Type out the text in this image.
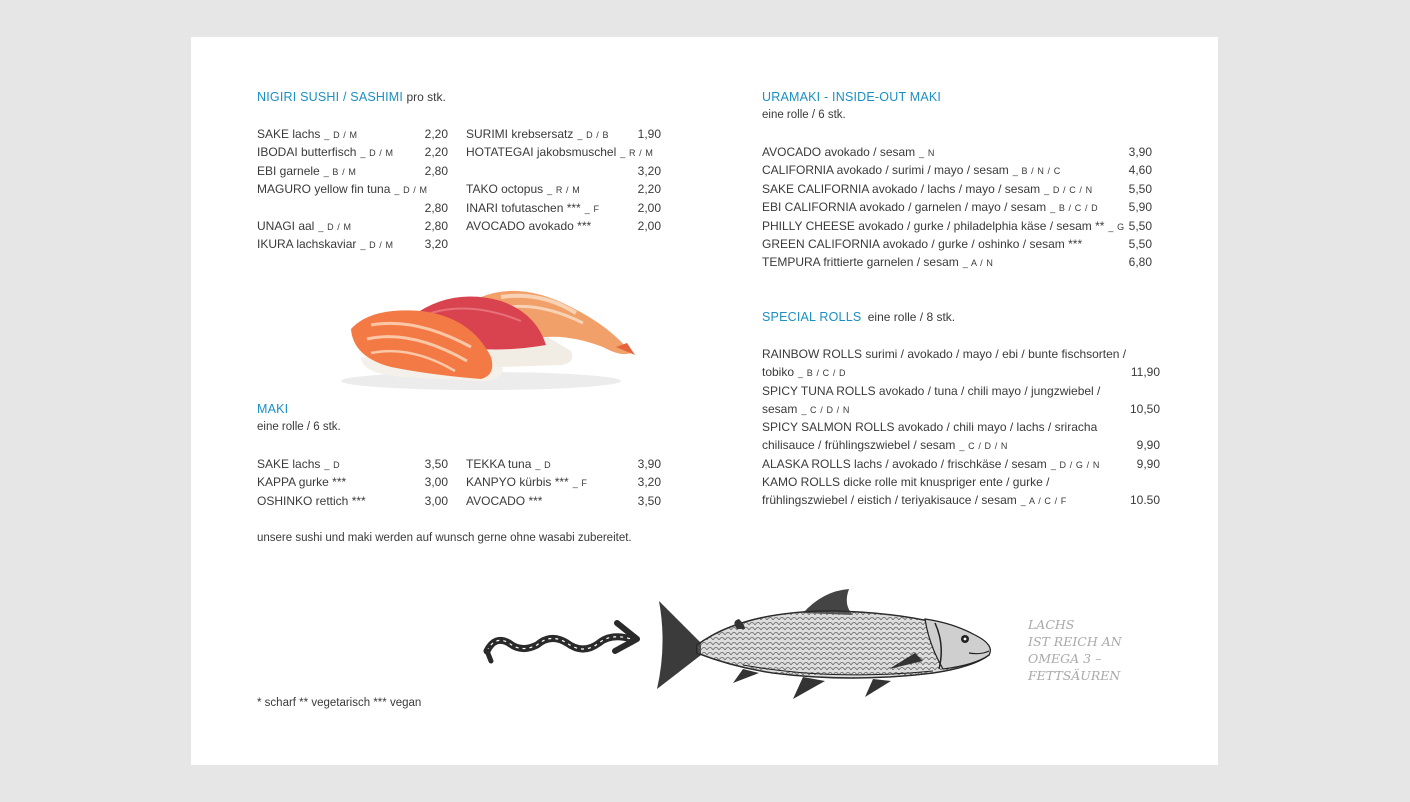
NIGIRI SUSHI / SASHIMI pro stk.
SAKE lachs _ D / M	2,20
IBODAI butterfisch _ D / M	2,20
EBI garnele _ B / M	2,80
MAGURO yellow fin tuna _ D / M
2,80
UNAGI aal _ D / M	2,80
IKURA lachskaviar _ D / M	3,20
SURIMI krebsersatz _ D / B	1,90
HOTATEGAI jakobsmuschel _ R / M
3,20
TAKO octopus _ R / M	2,20
INARI tofutaschen *** _ F	2,00
AVOCADO avokado ***	2,00
MAKI
eine rolle / 6 stk.
SAKE lachs _ D	3,50
KAPPA gurke ***	3,00
OSHINKO rettich ***	3,00
TEKKA tuna _ D	3,90
KANPYO kürbis *** _ F	3,20
AVOCADO ***	3,50
unsere sushi und maki werden auf wunsch gerne ohne wasabi zubereitet.
* scharf ** vegetarisch *** vegan
URAMAKI - INSIDE-OUT MAKI
eine rolle / 6 stk.
AVOCADO avokado / sesam _ N	3,90
CALIFORNIA avokado / surimi / mayo / sesam _ B / N / C	4,60
SAKE CALIFORNIA avokado / lachs / mayo / sesam _ D / C / N	5,50
EBI CALIFORNIA avokado / garnelen / mayo / sesam _ B / C / D	5,90
PHILLY CHEESE avokado / gurke / philadelphia käse / sesam ** _ G 5,50
GREEN CALIFORNIA avokado / gurke / oshinko / sesam ***	5,50
TEMPURA frittierte garnelen / sesam _ A / N	6,80
SPECIAL ROLLS eine rolle / 8 stk.
RAINBOW ROLLS surimi / avokado / mayo / ebi / bunte fischsorten /
tobiko _ B / C / D	11,90
SPICY TUNA ROLLS avokado / tuna / chili mayo / jungzwiebel /
sesam _ C / D / N	10,50
SPICY SALMON ROLLS avokado / chili mayo / lachs / sriracha
chilisauce / frühlingszwiebel / sesam _ C / D / N	9,90
ALASKA ROLLS lachs / avokado / frischkäse / sesam _ D / G / N	9,90
KAMO ROLLS dicke rolle mit knuspriger ente / gurke /
frühlingszwiebel / eistich / teriyakisauce / sesam _ A / C / F	10.50
LACHS
IST REICH AN
OMEGA 3 –
FETTSÄUREN
